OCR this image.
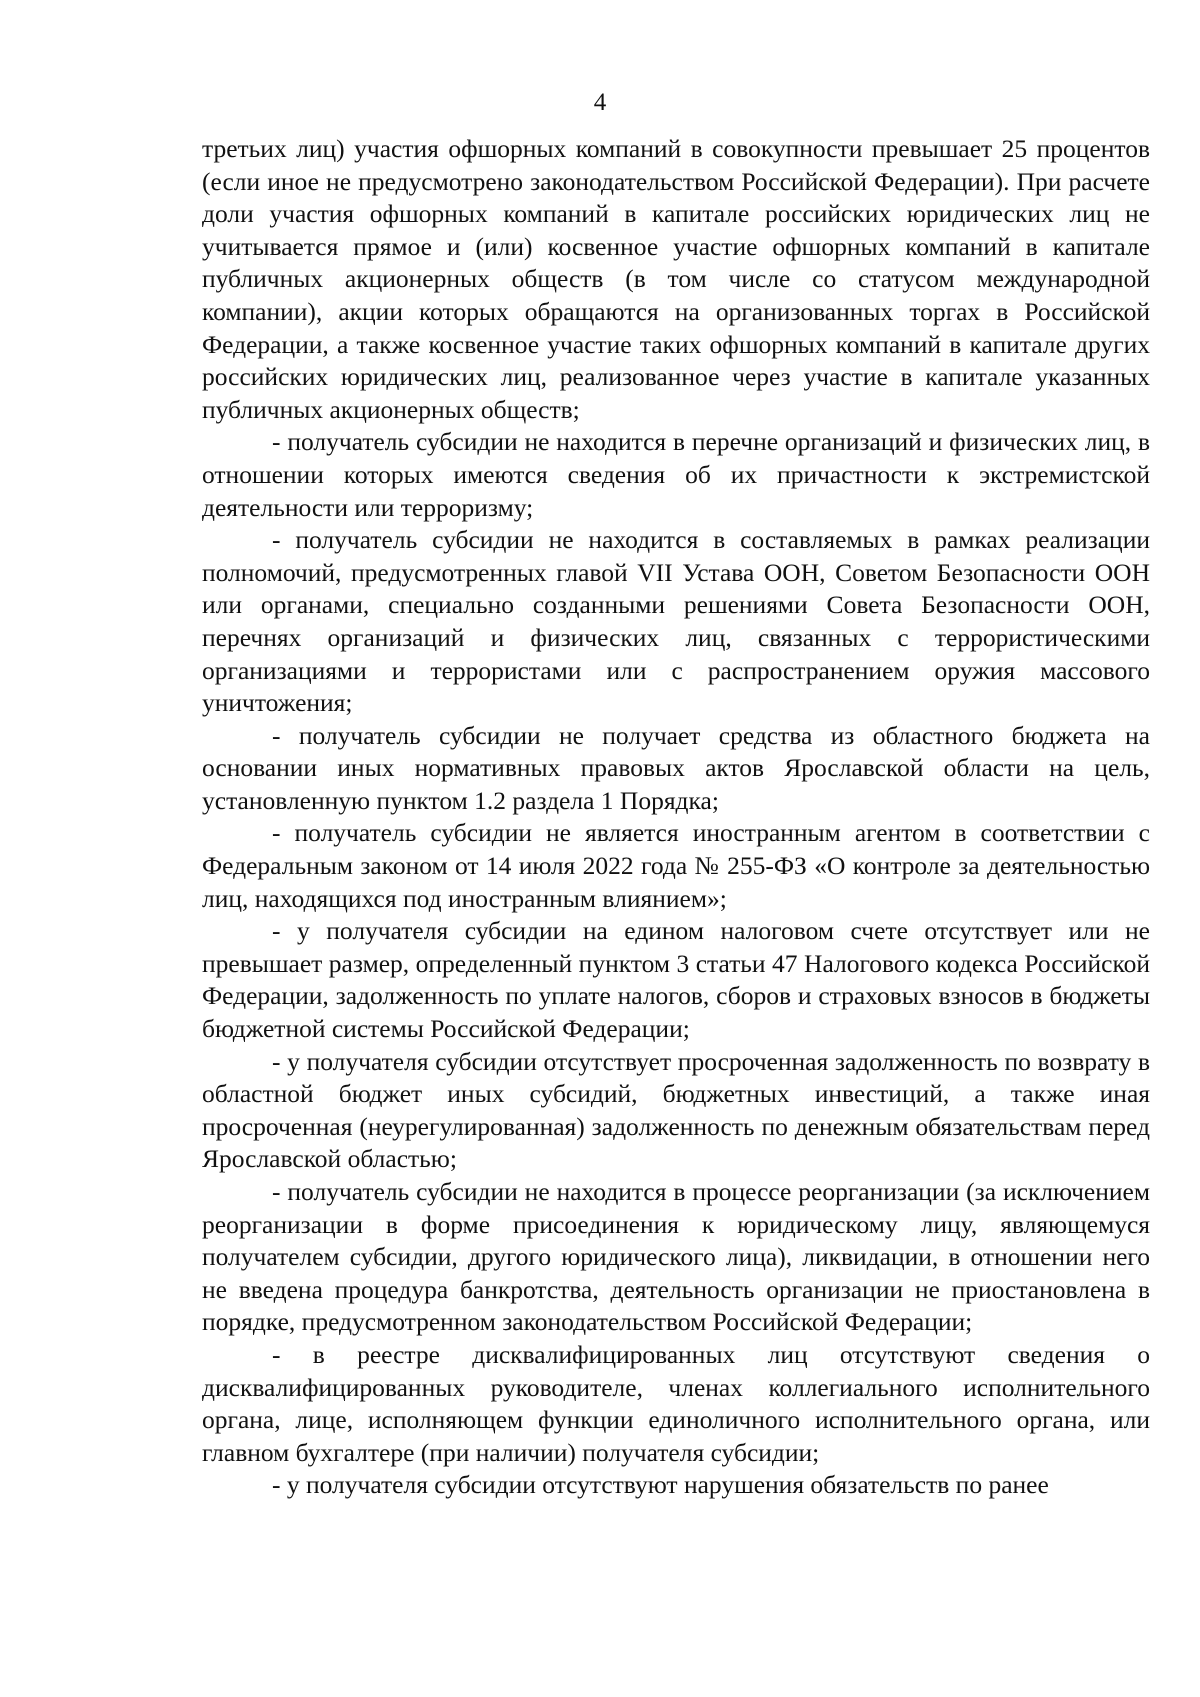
4

третьих лиц) участия офшорных компаний в совокупности превышает 25 процентов (если иное не предусмотрено законодательством Российской Федерации). При расчете доли участия офшорных компаний в капитале российских юридических лиц не учитывается прямое и (или) косвенное участие офшорных компаний в капитале публичных акционерных обществ (в том числе со статусом международной компании), акции которых обращаются на организованных торгах в Российской Федерации, а также косвенное участие таких офшорных компаний в капитале других российских юридических лиц, реализованное через участие в капитале указанных публичных акционерных обществ;

- получатель субсидии не находится в перечне организаций и физических лиц, в отношении которых имеются сведения об их причастности к экстремистской деятельности или терроризму;

- получатель субсидии не находится в составляемых в рамках реализации полномочий, предусмотренных главой VII Устава ООН, Советом Безопасности ООН или органами, специально созданными решениями Совета Безопасности ООН, перечнях организаций и физических лиц, связанных с террористическими организациями и террористами или с распространением оружия массового уничтожения;

- получатель субсидии не получает средства из областного бюджета на основании иных нормативных правовых актов Ярославской области на цель, установленную пунктом 1.2 раздела 1 Порядка;

- получатель субсидии не является иностранным агентом в соответствии с Федеральным законом от 14 июля 2022 года № 255-ФЗ «О контроле за деятельностью лиц, находящихся под иностранным влиянием»;

- у получателя субсидии на едином налоговом счете отсутствует или не превышает размер, определенный пунктом 3 статьи 47 Налогового кодекса Российской Федерации, задолженность по уплате налогов, сборов и страховых взносов в бюджеты бюджетной системы Российской Федерации;

- у получателя субсидии отсутствует просроченная задолженность по возврату в областной бюджет иных субсидий, бюджетных инвестиций, а также иная просроченная (неурегулированная) задолженность по денежным обязательствам перед Ярославской областью;

- получатель субсидии не находится в процессе реорганизации (за исключением реорганизации в форме присоединения к юридическому лицу, являющемуся получателем субсидии, другого юридического лица), ликвидации, в отношении него не введена процедура банкротства, деятельность организации не приостановлена в порядке, предусмотренном законодательством Российской Федерации;

- в реестре дисквалифицированных лиц отсутствуют сведения о дисквалифицированных руководителе, членах коллегиального исполнительного органа, лице, исполняющем функции единоличного исполнительного органа, или главном бухгалтере (при наличии) получателя субсидии;

- у получателя субсидии отсутствуют нарушения обязательств по ранее
